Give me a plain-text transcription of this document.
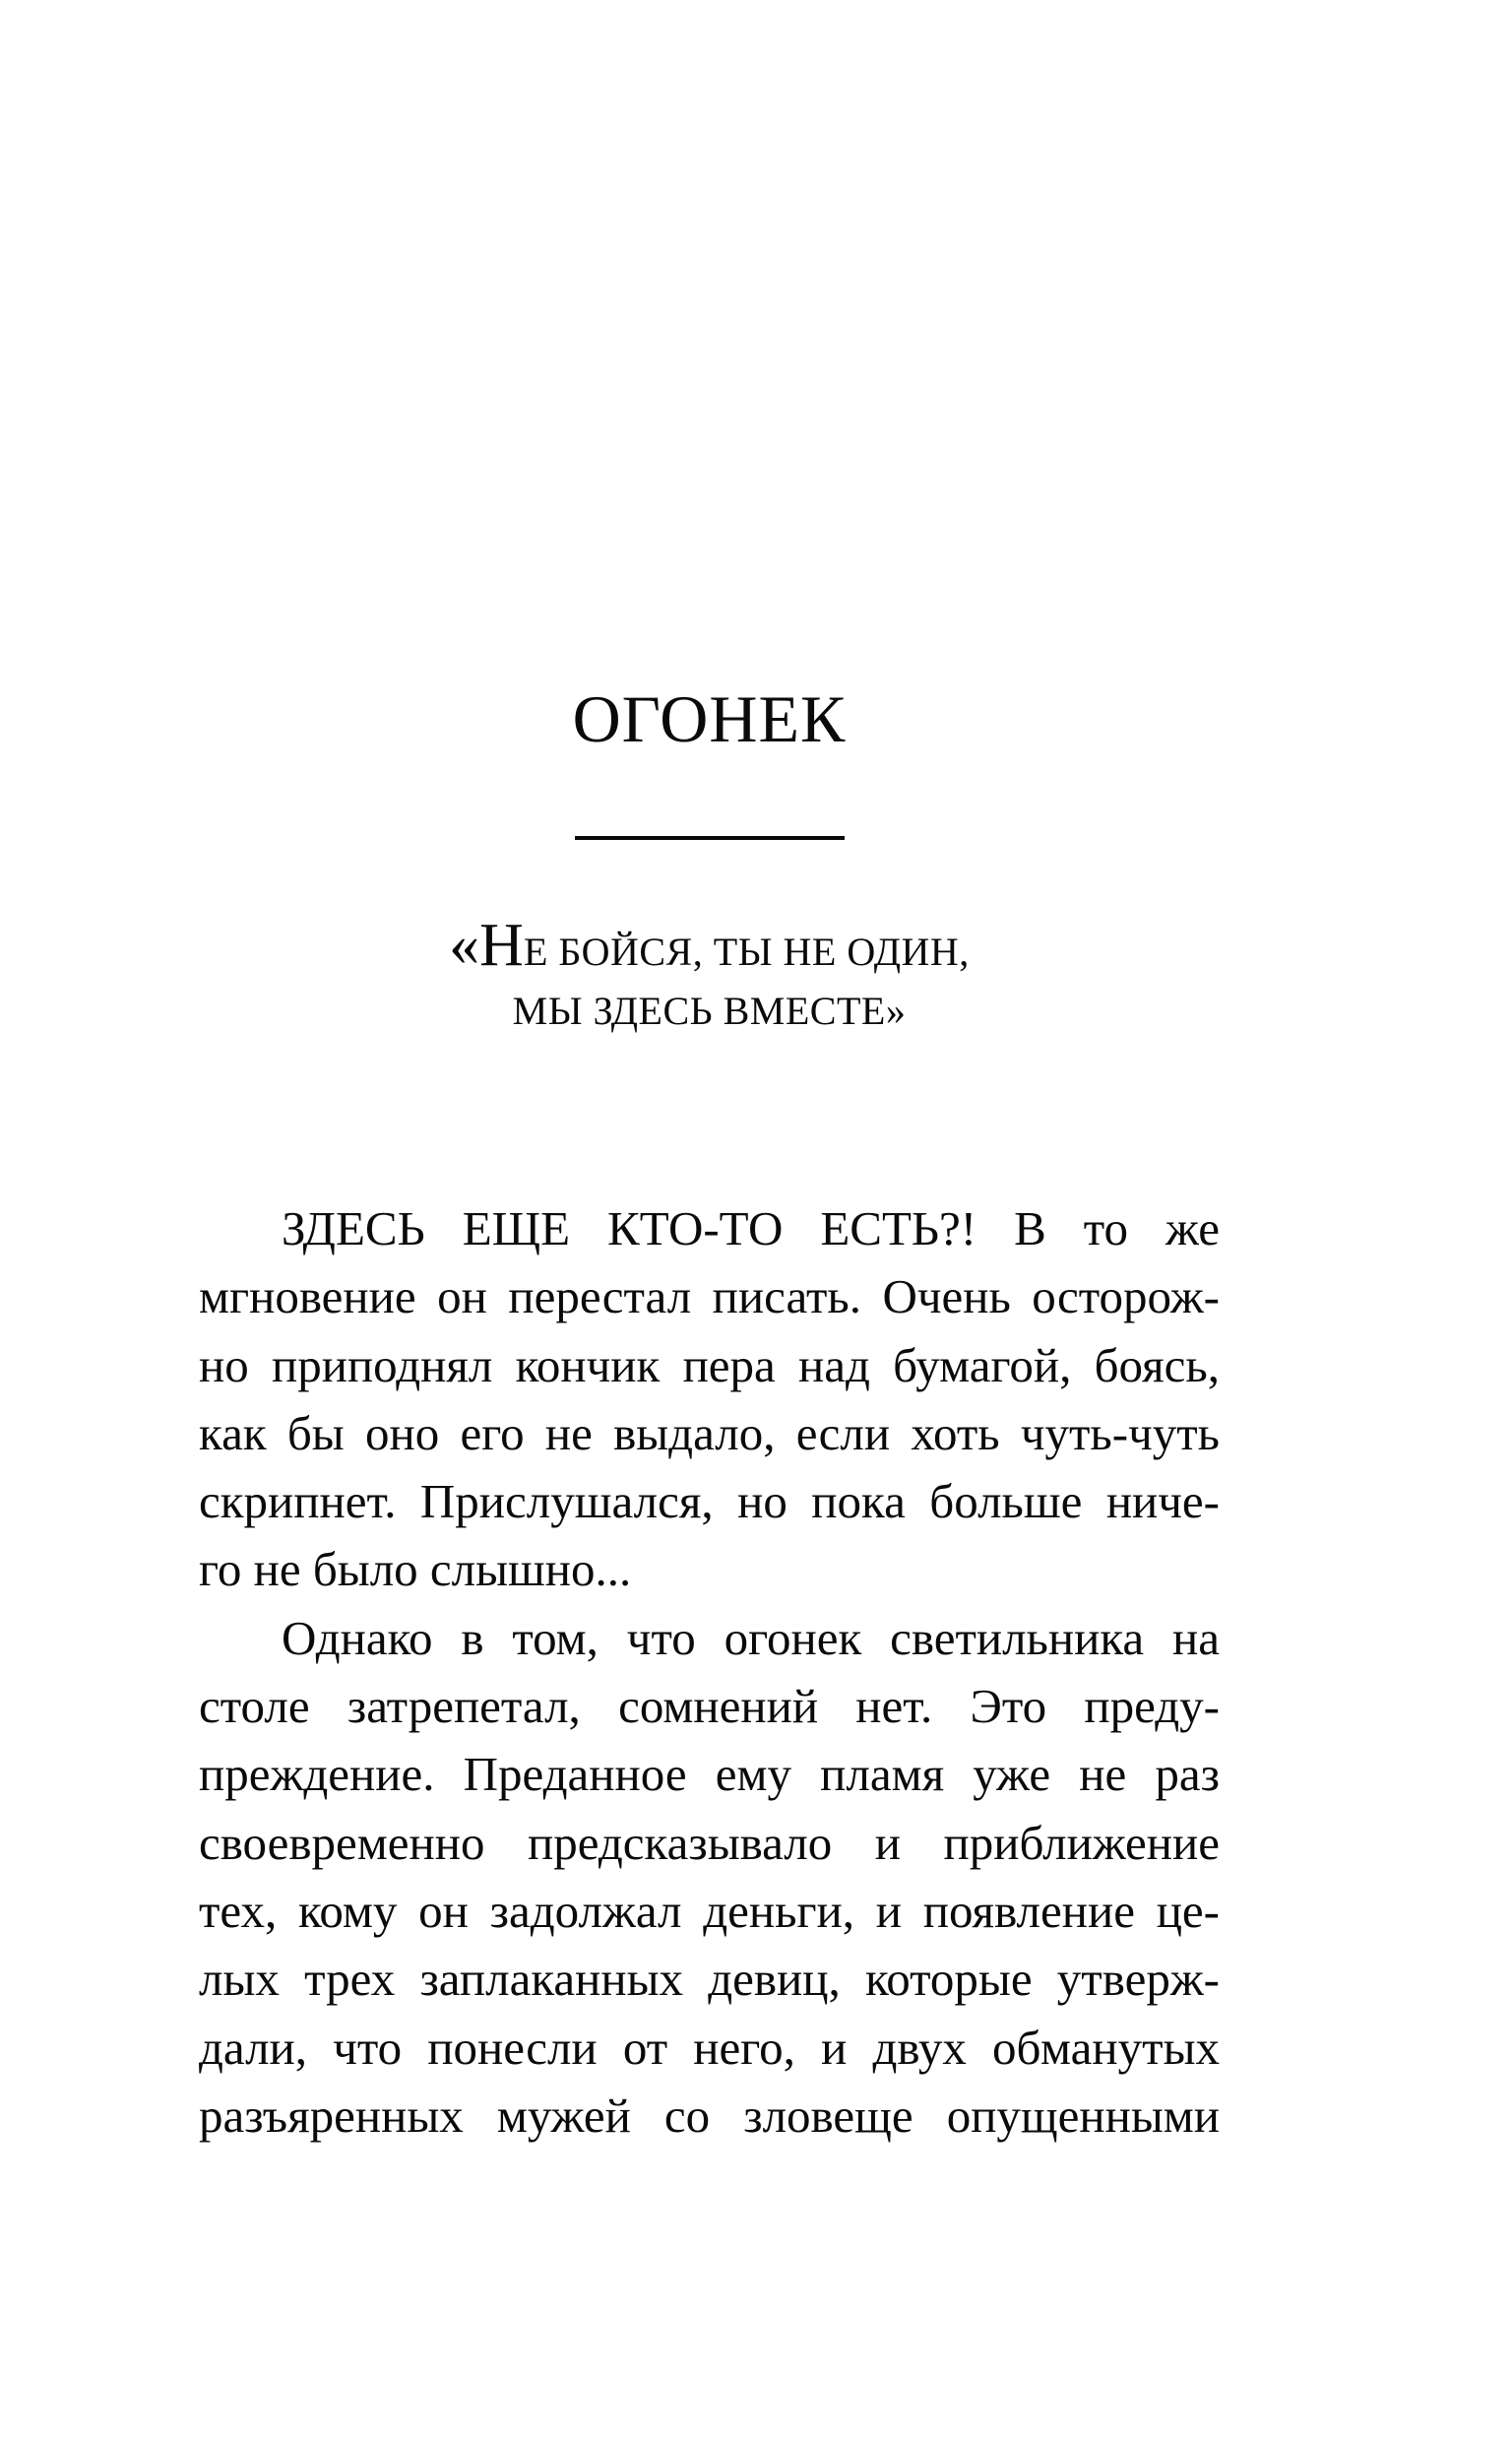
ОГОНЕК
«НЕ БОЙСЯ, ТЫ НЕ ОДИН,
МЫ ЗДЕСЬ ВМЕСТЕ»
ЗДЕСЬ ЕЩЕ КТО-ТО ЕСТЬ?! В то же
мгновение он перестал писать. Очень осторож-
но приподнял кончик пера над бумагой, боясь,
как бы оно его не выдало, если хоть чуть-чуть
скрипнет. Прислушался, но пока больше ниче-
го не было слышно...
Однако в том, что огонек светильника на
столе затрепетал, сомнений нет. Это преду-
преждение. Преданное ему пламя уже не раз
своевременно предсказывало и приближение
тех, кому он задолжал деньги, и появление це-
лых трех заплаканных девиц, которые утверж-
дали, что понесли от него, и двух обманутых
разъяренных мужей со зловеще опущенными
